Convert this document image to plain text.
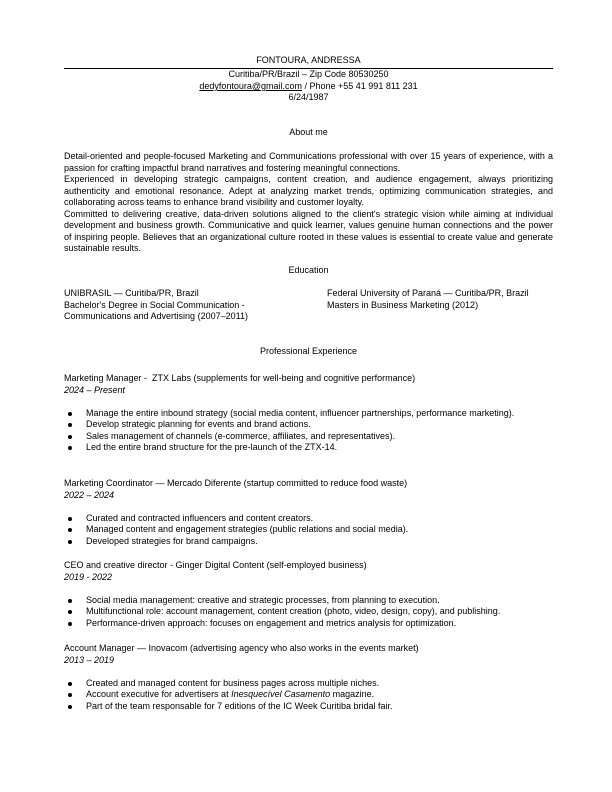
FONTOURA, ANDRESSA
Curitiba/PR/Brazil – Zip Code 80530250
dedyfontoura@gmail.com / Phone +55 41 991 811 231
6/24/1987
About me

Detail-oriented and people-focused Marketing and Communications professional with over 15 years of experience, with a passion for crafting impactful brand narratives and fostering meaningful connections.

Experienced in developing strategic campaigns, content creation, and audience engagement, always prioritizing authenticity and emotional resonance. Adept at analyzing market trends, optimizing communication strategies, and collaborating across teams to enhance brand visibility and customer loyalty.

Committed to delivering creative, data-driven solutions aligned to the client's strategic vision while aiming at individual development and business growth. Communicative and quick learner, values genuine human connections and the power of inspiring people. Believes that an organizational culture rooted in these values is essential to create value and generate sustainable results.

Education
UNIBRASIL — Curitiba/PR, Brazil
Bachelor's Degree in Social Communication - Communications and Advertising (2007–2011)
Federal University of Paraná — Curitiba/PR, Brazil
Masters in Business Marketing (2012)
Professional Experience
Marketing Manager -  ZTX Labs (supplements for well-being and cognitive performance)
2024 – Present
Manage the entire inbound strategy (social media content, influencer partnerships, performance marketing).
Develop strategic planning for events and brand actions.
Sales management of channels (e-commerce, affiliates, and representatives).
Led the entire brand structure for the pre-launch of the ZTX-14.
Marketing Coordinator — Mercado Diferente (startup committed to reduce food waste)
2022 – 2024
Curated and contracted influencers and content creators.
Managed content and engagement strategies (public relations and social media).
Developed strategies for brand campaigns.
CEO and creative director - Ginger Digital Content (self-employed business)
2019 - 2022
Social media management: creative and strategic processes, from planning to execution.
Multifunctional role: account management, content creation (photo, video, design, copy), and publishing.
Performance-driven approach: focuses on engagement and metrics analysis for optimization.
Account Manager — Inovacom (advertising agency who also works in the events market)
2013 – 2019
Created and managed content for business pages across multiple niches.
Account executive for advertisers at Inesquecível Casamento magazine.
Part of the team responsable for 7 editions of the IC Week Curitiba bridal fair.
